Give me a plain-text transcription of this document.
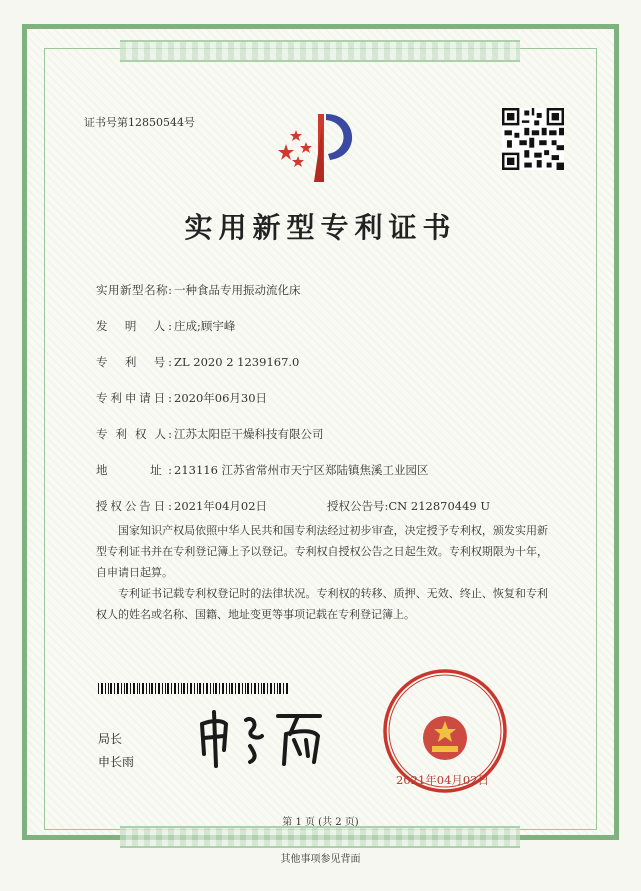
证书号第12850544号
实用新型专利证书
实用新型名称: 一种食品专用振动流化床
发　明　人: 庄成;顾宇峰
专　利　号: ZL 2020 2 1239167.0
专利申请日: 2020年06月30日
专 利 权 人: 江苏太阳臣干燥科技有限公司
地　　址: 213116 江苏省常州市天宁区郑陆镇焦溪工业园区
授权公告日: 2021年04月02日	授权公告号:CN 212870449 U
国家知识产权局依照中华人民共和国专利法经过初步审查，决定授予专利权，颁发实用新型专利证书并在专利登记簿上予以登记。专利权自授权公告之日起生效。专利权期限为十年，自申请日起算。
专利证书记载专利权登记时的法律状况。专利权的转移、质押、无效、终止、恢复和专利权人的姓名或名称、国籍、地址变更等事项记载在专利登记簿上。
局长
申长雨
2021年04月02日
第 1 页 (共 2 页)
其他事项参见背面
